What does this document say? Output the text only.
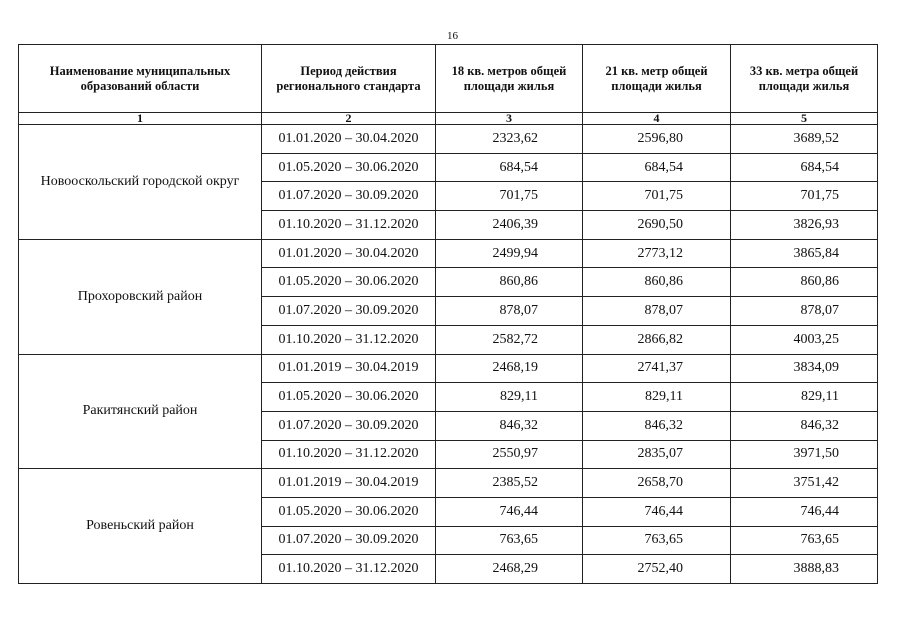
16
Наименование муниципальных образований области	Период действия регионального стандарта	18 кв. метров общей площади жилья	21 кв. метр общей площади жилья	33 кв. метра общей площади жилья
1	2	3	4	5
Новооскольский городской округ	01.01.2020 – 30.04.2020	2323,62	2596,80	3689,52
	01.05.2020 – 30.06.2020	684,54	684,54	684,54
	01.07.2020 – 30.09.2020	701,75	701,75	701,75
	01.10.2020 – 31.12.2020	2406,39	2690,50	3826,93
Прохоровский район	01.01.2020 – 30.04.2020	2499,94	2773,12	3865,84
	01.05.2020 – 30.06.2020	860,86	860,86	860,86
	01.07.2020 – 30.09.2020	878,07	878,07	878,07
	01.10.2020 – 31.12.2020	2582,72	2866,82	4003,25
Ракитянский район	01.01.2019 – 30.04.2019	2468,19	2741,37	3834,09
	01.05.2020 – 30.06.2020	829,11	829,11	829,11
	01.07.2020 – 30.09.2020	846,32	846,32	846,32
	01.10.2020 – 31.12.2020	2550,97	2835,07	3971,50
Ровеньский район	01.01.2019 – 30.04.2019	2385,52	2658,70	3751,42
	01.05.2020 – 30.06.2020	746,44	746,44	746,44
	01.07.2020 – 30.09.2020	763,65	763,65	763,65
	01.10.2020 – 31.12.2020	2468,29	2752,40	3888,83
